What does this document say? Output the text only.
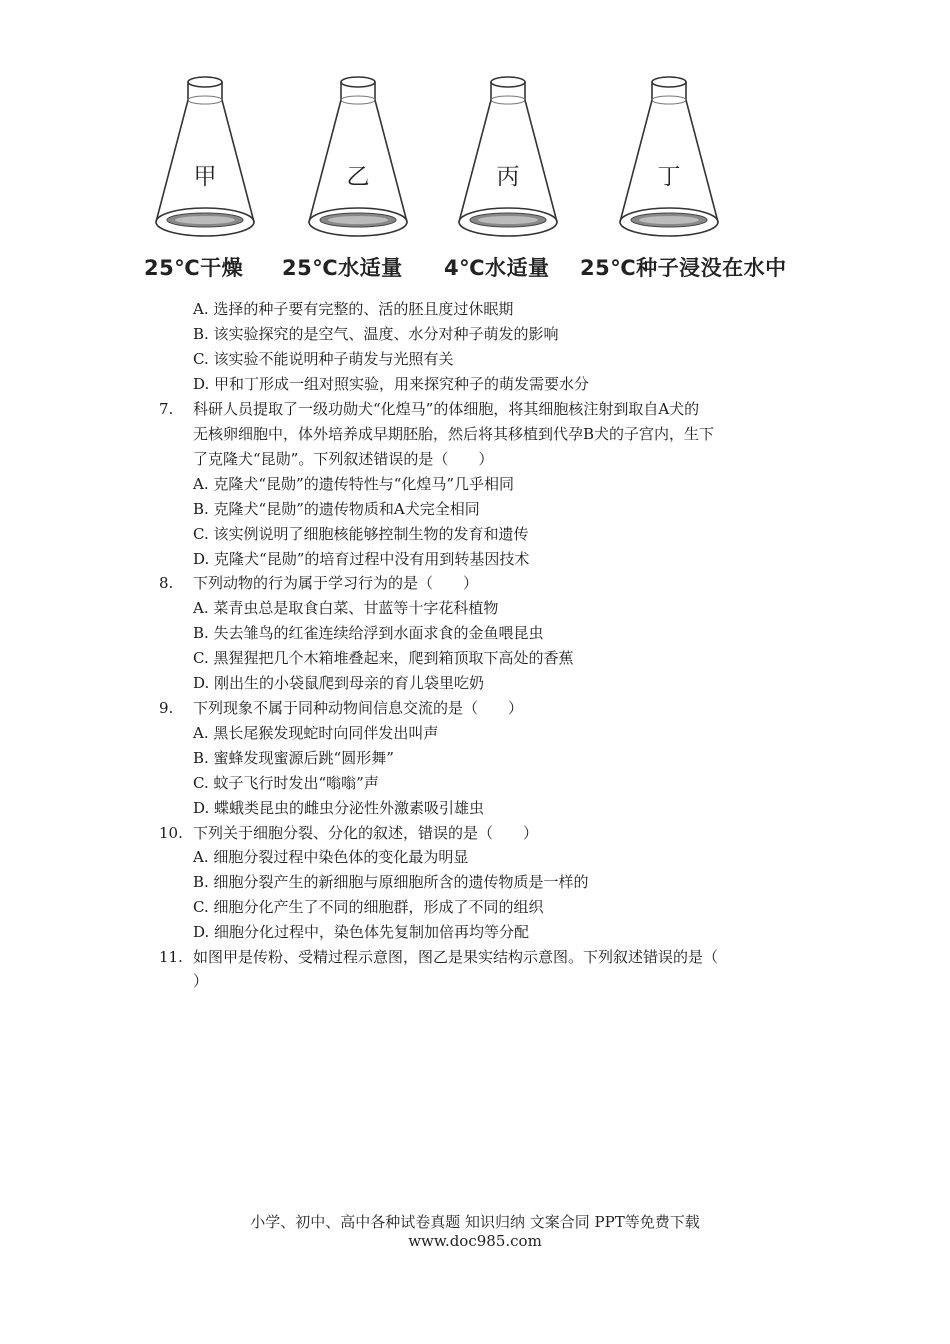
甲	乙	丙	丁
25℃干燥 25℃水适量 4℃水适量 25℃种子浸没在水中
A. 选择的种子要有完整的、活的胚且度过休眠期
B. 该实验探究的是空气、温度、水分对种子萌发的影响
C. 该实验不能说明种子萌发与光照有关
D. 甲和丁形成一组对照实验，用来探究种子的萌发需要水分
7. 科研人员提取了一级功勋犬“化煌马”的体细胞，将其细胞核注射到取自A犬的
无核卵细胞中，体外培养成早期胚胎，然后将其移植到代孕B犬的子宫内，生下
了克隆犬“昆勋”。下列叙述错误的是（　　）
A. 克隆犬“昆勋”的遗传特性与“化煌马”几乎相同
B. 克隆犬“昆勋”的遗传物质和A犬完全相同
C. 该实例说明了细胞核能够控制生物的发育和遗传
D. 克隆犬“昆勋”的培育过程中没有用到转基因技术
8. 下列动物的行为属于学习行为的是（　　）
A. 菜青虫总是取食白菜、甘蓝等十字花科植物
B. 失去雏鸟的红雀连续给浮到水面求食的金鱼喂昆虫
C. 黑猩猩把几个木箱堆叠起来，爬到箱顶取下高处的香蕉
D. 刚出生的小袋鼠爬到母亲的育儿袋里吃奶
9. 下列现象不属于同种动物间信息交流的是（　　）
A. 黑长尾猴发现蛇时向同伴发出叫声
B. 蜜蜂发现蜜源后跳“圆形舞”
C. 蚊子飞行时发出“嗡嗡”声
D. 蝶蛾类昆虫的雌虫分泌性外激素吸引雄虫
10. 下列关于细胞分裂、分化的叙述，错误的是（　　）
A. 细胞分裂过程中染色体的变化最为明显
B. 细胞分裂产生的新细胞与原细胞所含的遗传物质是一样的
C. 细胞分化产生了不同的细胞群，形成了不同的组织
D. 细胞分化过程中，染色体先复制加倍再均等分配
11. 如图甲是传粉、受精过程示意图，图乙是果实结构示意图。下列叙述错误的是（
）
小学、初中、高中各种试卷真题 知识归纳 文案合同 PPT等免费下载
www.doc985.com
